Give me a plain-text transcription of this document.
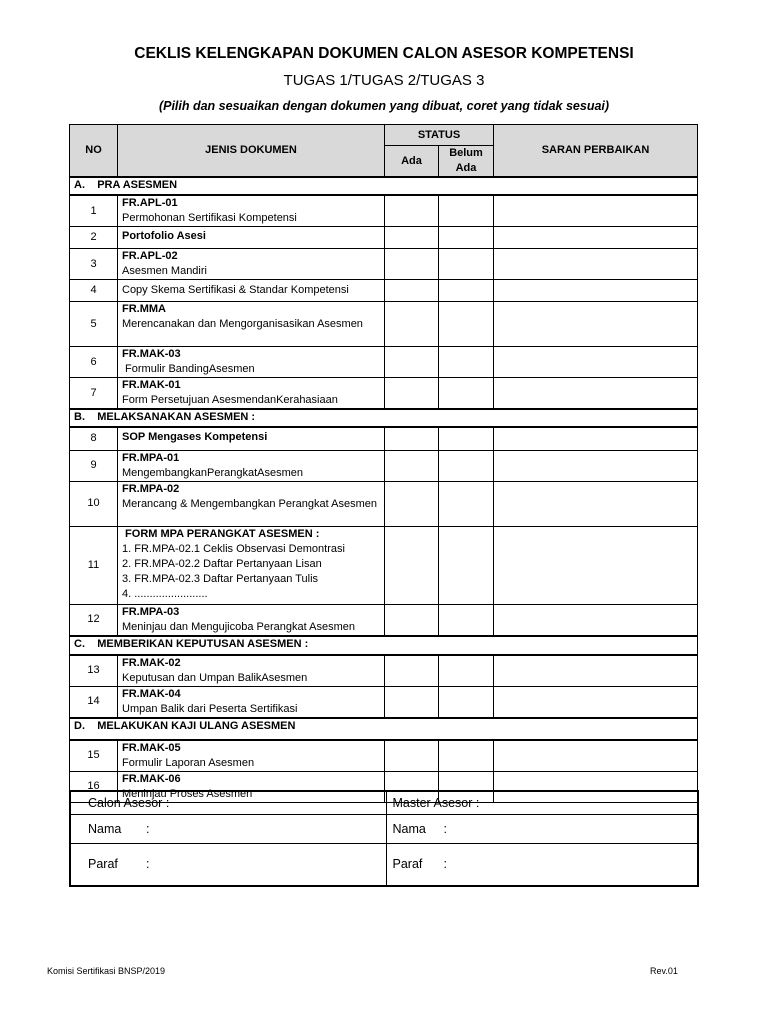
CEKLIS KELENGKAPAN DOKUMEN CALON ASESOR KOMPETENSI
TUGAS 1/TUGAS 2/TUGAS 3
(Pilih dan sesuaikan dengan dokumen yang dibuat, coret yang tidak sesuai)
NO	JENIS DOKUMEN	STATUS		SARAN PERBAIKAN
		Ada	Belum Ada	
A.    PRA ASESMEN				
1	FR.APL-01
Permohonan Sertifikasi Kompetensi			

2	Portofolio Asesi			

3	FR.APL-02
Asesmen Mandiri			

4	Copy Skema Sertifikasi & Standar Kompetensi			

5	FR.MMA
Merencanakan dan Mengorganisasikan Asesmen			

6	FR.MAK-03
Formulir BandingAsesmen			

7	FR.MAK-01
Form Persetujuan AsesmendanKerahasiaan			

B.    MELAKSANAKAN ASESMEN :				
8	SOP Mengases Kompetensi			

9	FR.MPA-01
MengembangkanPerangkatAsesmen			

10	FR.MPA-02
Merancang & Mengembangkan Perangkat Asesmen			

11	FORM MPA PERANGKAT ASESMEN :
1. FR.MPA-02.1 Ceklis Observasi Demontrasi
2. FR.MPA-02.2 Daftar Pertanyaan Lisan
3. FR.MPA-02.3 Daftar Pertanyaan Tulis
4. ........................			

12	FR.MPA-03
Meninjau dan Mengujicoba Perangkat Asesmen			

C.    MEMBERIKAN KEPUTUSAN ASESMEN :				
13	FR.MAK-02
Keputusan dan Umpan BalikAsesmen			

14	FR.MAK-04
Umpan Balik dari Peserta Sertifikasi			

D.    MELAKUKAN KAJI ULANG ASESMEN				
15	FR.MAK-05
Formulir Laporan Asesmen			

16	FR.MAK-06
Meninjau Proses Asesmen			

Calon Asesor :	Master Asesor :
Nama :	Nama :
Paraf :	Paraf :
Komisi Sertifikasi BNSP/2019	Rev.01
